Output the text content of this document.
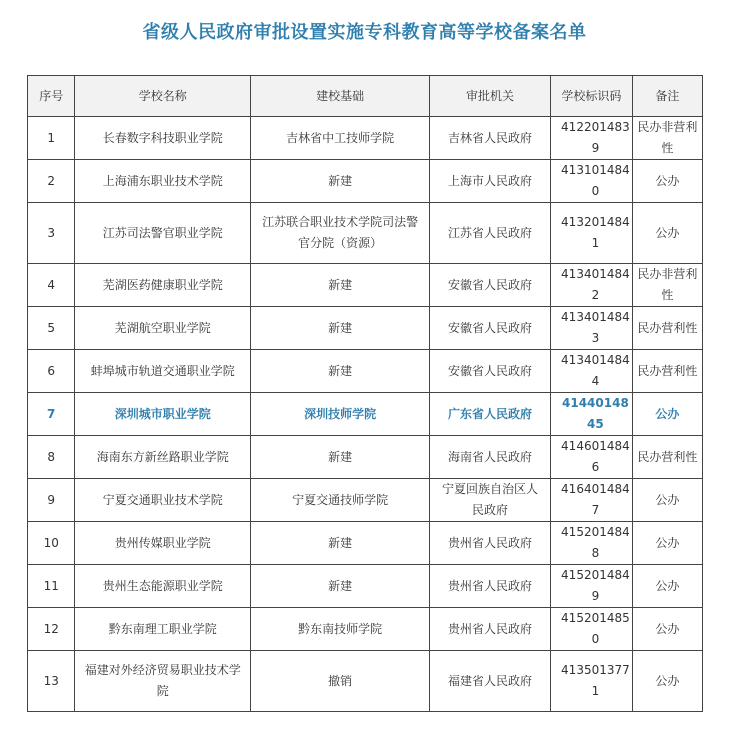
省级人民政府审批设置实施专科教育高等学校备案名单
序号	学校名称	建校基础	审批机关	学校标识码	备注
1	长春数字科技职业学院	吉林省中工技师学院	吉林省人民政府	4122014839	民办非营利性
2	上海浦东职业技术学院	新建	上海市人民政府	4131014840	公办
3	江苏司法警官职业学院	江苏联合职业技术学院司法警官分院（资源）	江苏省人民政府	4132014841	公办
4	芜湖医药健康职业学院	新建	安徽省人民政府	4134014842	民办非营利性
5	芜湖航空职业学院	新建	安徽省人民政府	4134014843	民办营利性
6	蚌埠城市轨道交通职业学院	新建	安徽省人民政府	4134014844	民办营利性
7	深圳城市职业学院	深圳技师学院	广东省人民政府	4144014845	公办
8	海南东方新丝路职业学院	新建	海南省人民政府	4146014846	民办营利性
9	宁夏交通职业技术学院	宁夏交通技师学院	宁夏回族自治区人民政府	4164014847	公办
10	贵州传媒职业学院	新建	贵州省人民政府	4152014848	公办
11	贵州生态能源职业学院	新建	贵州省人民政府	4152014849	公办
12	黔东南理工职业学院	黔东南技师学院	贵州省人民政府	4152014850	公办
13	福建对外经济贸易职业技术学院	撤销	福建省人民政府	4135013771	公办
